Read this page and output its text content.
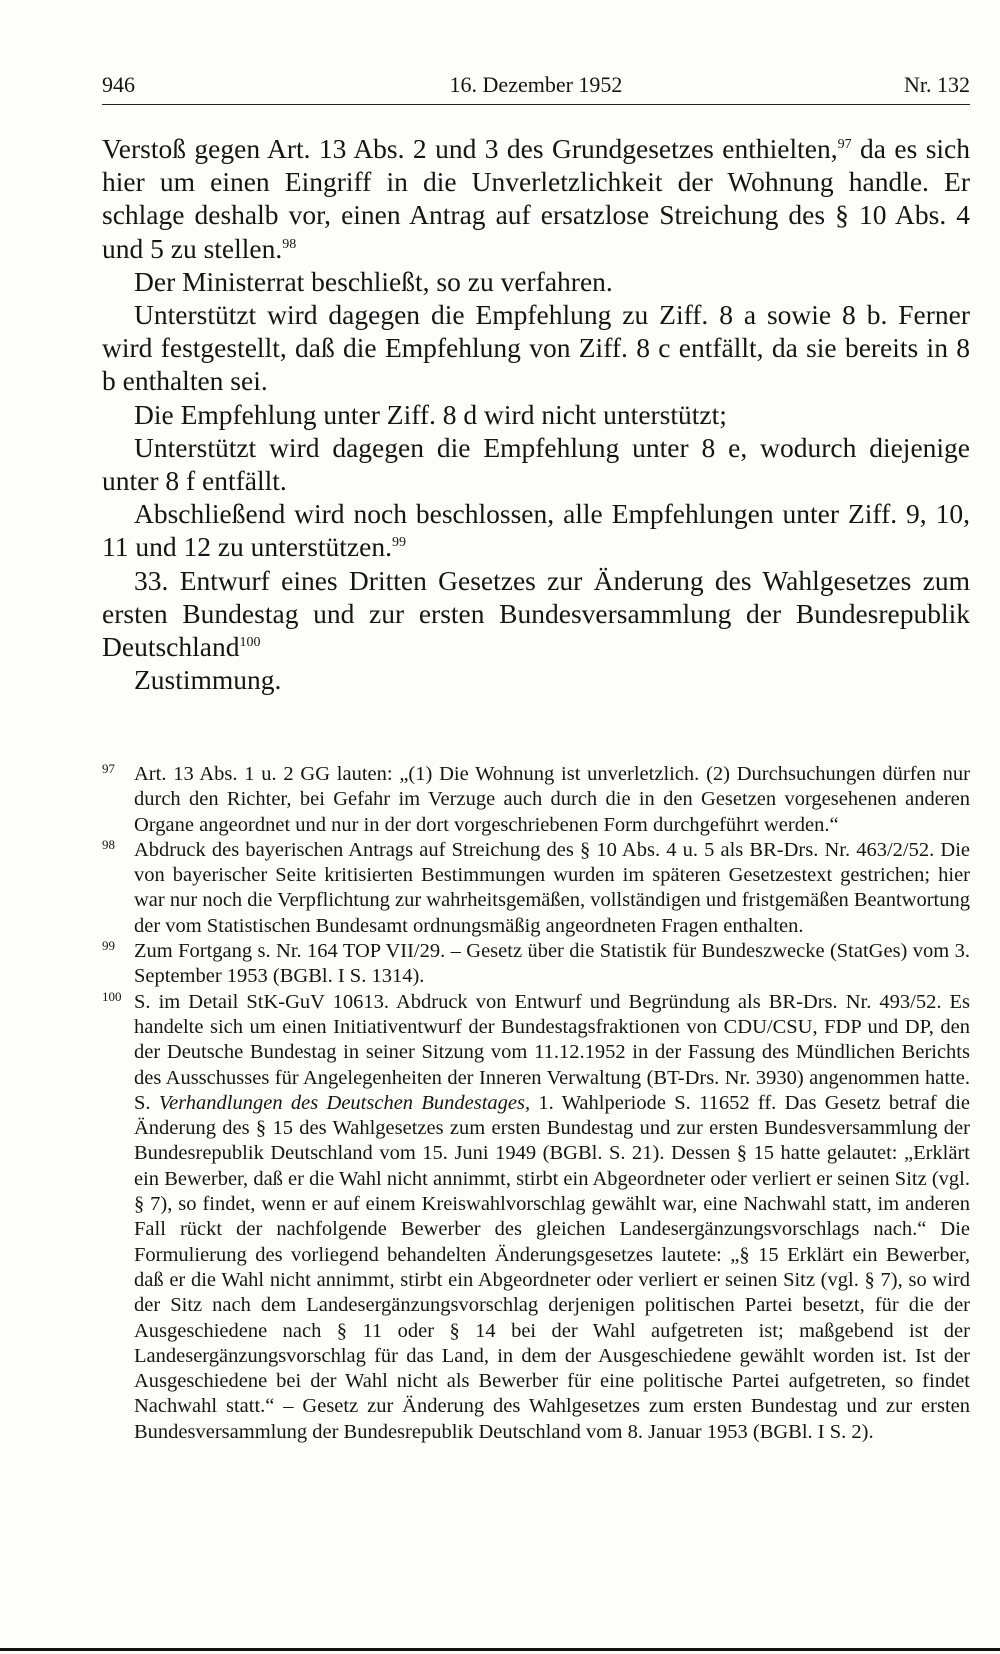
946	16. Dezember 1952	Nr. 132

Verstoß gegen Art. 13 Abs. 2 und 3 des Grundgesetzes enthielten,$^{97}$ da es sich hier um einen Eingriff in die Unverletzlichkeit der Wohnung handle. Er schlage deshalb vor, einen Antrag auf ersatzlose Streichung des § 10 Abs. 4 und 5 zu stellen.$^{98}$

Der Ministerrat beschließt, so zu verfahren.

Unterstützt wird dagegen die Empfehlung zu Ziff. 8 a sowie 8 b. Ferner wird festgestellt, daß die Empfehlung von Ziff. 8 c entfällt, da sie bereits in 8 b enthalten sei.

Die Empfehlung unter Ziff. 8 d wird nicht unterstützt;

Unterstützt wird dagegen die Empfehlung unter 8 e, wodurch diejenige unter 8 f entfällt.

Abschließend wird noch beschlossen, alle Empfehlungen unter Ziff. 9, 10, 11 und 12 zu unterstützen.$^{99}$

33. Entwurf eines Dritten Gesetzes zur Änderung des Wahlgesetzes zum ersten Bundestag und zur ersten Bundesversammlung der Bundesrepublik Deutschland$^{100}$

Zustimmung.

97 Art. 13 Abs. 1 u. 2 GG lauten: „(1) Die Wohnung ist unverletzlich. (2) Durchsuchungen dürfen nur durch den Richter, bei Gefahr im Verzuge auch durch die in den Gesetzen vorgesehenen anderen Organe angeordnet und nur in der dort vorgeschriebenen Form durchgeführt werden.“

98 Abdruck des bayerischen Antrags auf Streichung des § 10 Abs. 4 u. 5 als BR-Drs. Nr. 463/2/52. Die von bayerischer Seite kritisierten Bestimmungen wurden im späteren Gesetzestext gestrichen; hier war nur noch die Verpflichtung zur wahrheitsgemäßen, vollständigen und fristgemäßen Beantwortung der vom Statistischen Bundesamt ordnungsmäßig angeordneten Fragen enthalten.

99 Zum Fortgang s. Nr. 164 TOP VII/29. – Gesetz über die Statistik für Bundeszwecke (StatGes) vom 3. September 1953 (BGBl. I S. 1314).

100 S. im Detail StK-GuV 10613. Abdruck von Entwurf und Begründung als BR-Drs. Nr. 493/52. Es handelte sich um einen Initiativentwurf der Bundestagsfraktionen von CDU/CSU, FDP und DP, den der Deutsche Bundestag in seiner Sitzung vom 11.12.1952 in der Fassung des Mündlichen Berichts des Ausschusses für Angelegenheiten der Inneren Verwaltung (BT-Drs. Nr. 3930) angenommen hatte. S. Verhandlungen des Deutschen Bundestages, 1. Wahlperiode S. 11652 ff. Das Gesetz betraf die Änderung des § 15 des Wahlgesetzes zum ersten Bundestag und zur ersten Bundesversammlung der Bundesrepublik Deutschland vom 15. Juni 1949 (BGBl. S. 21). Dessen § 15 hatte gelautet: „Erklärt ein Bewerber, daß er die Wahl nicht annimmt, stirbt ein Abgeordneter oder verliert er seinen Sitz (vgl. § 7), so findet, wenn er auf einem Kreiswahlvorschlag gewählt war, eine Nachwahl statt, im anderen Fall rückt der nachfolgende Bewerber des gleichen Landesergänzungsvorschlags nach.“ Die Formulierung des vorliegend behandelten Änderungsgesetzes lautete: „§ 15 Erklärt ein Bewerber, daß er die Wahl nicht annimmt, stirbt ein Abgeordneter oder verliert er seinen Sitz (vgl. § 7), so wird der Sitz nach dem Landesergänzungsvorschlag derjenigen politischen Partei besetzt, für die der Ausgeschiedene nach § 11 oder § 14 bei der Wahl aufgetreten ist; maßgebend ist der Landesergänzungsvorschlag für das Land, in dem der Ausgeschiedene gewählt worden ist. Ist der Ausgeschiedene bei der Wahl nicht als Bewerber für eine politische Partei aufgetreten, so findet Nachwahl statt.“ – Gesetz zur Änderung des Wahlgesetzes zum ersten Bundestag und zur ersten Bundesversammlung der Bundesrepublik Deutschland vom 8. Januar 1953 (BGBl. I S. 2).
